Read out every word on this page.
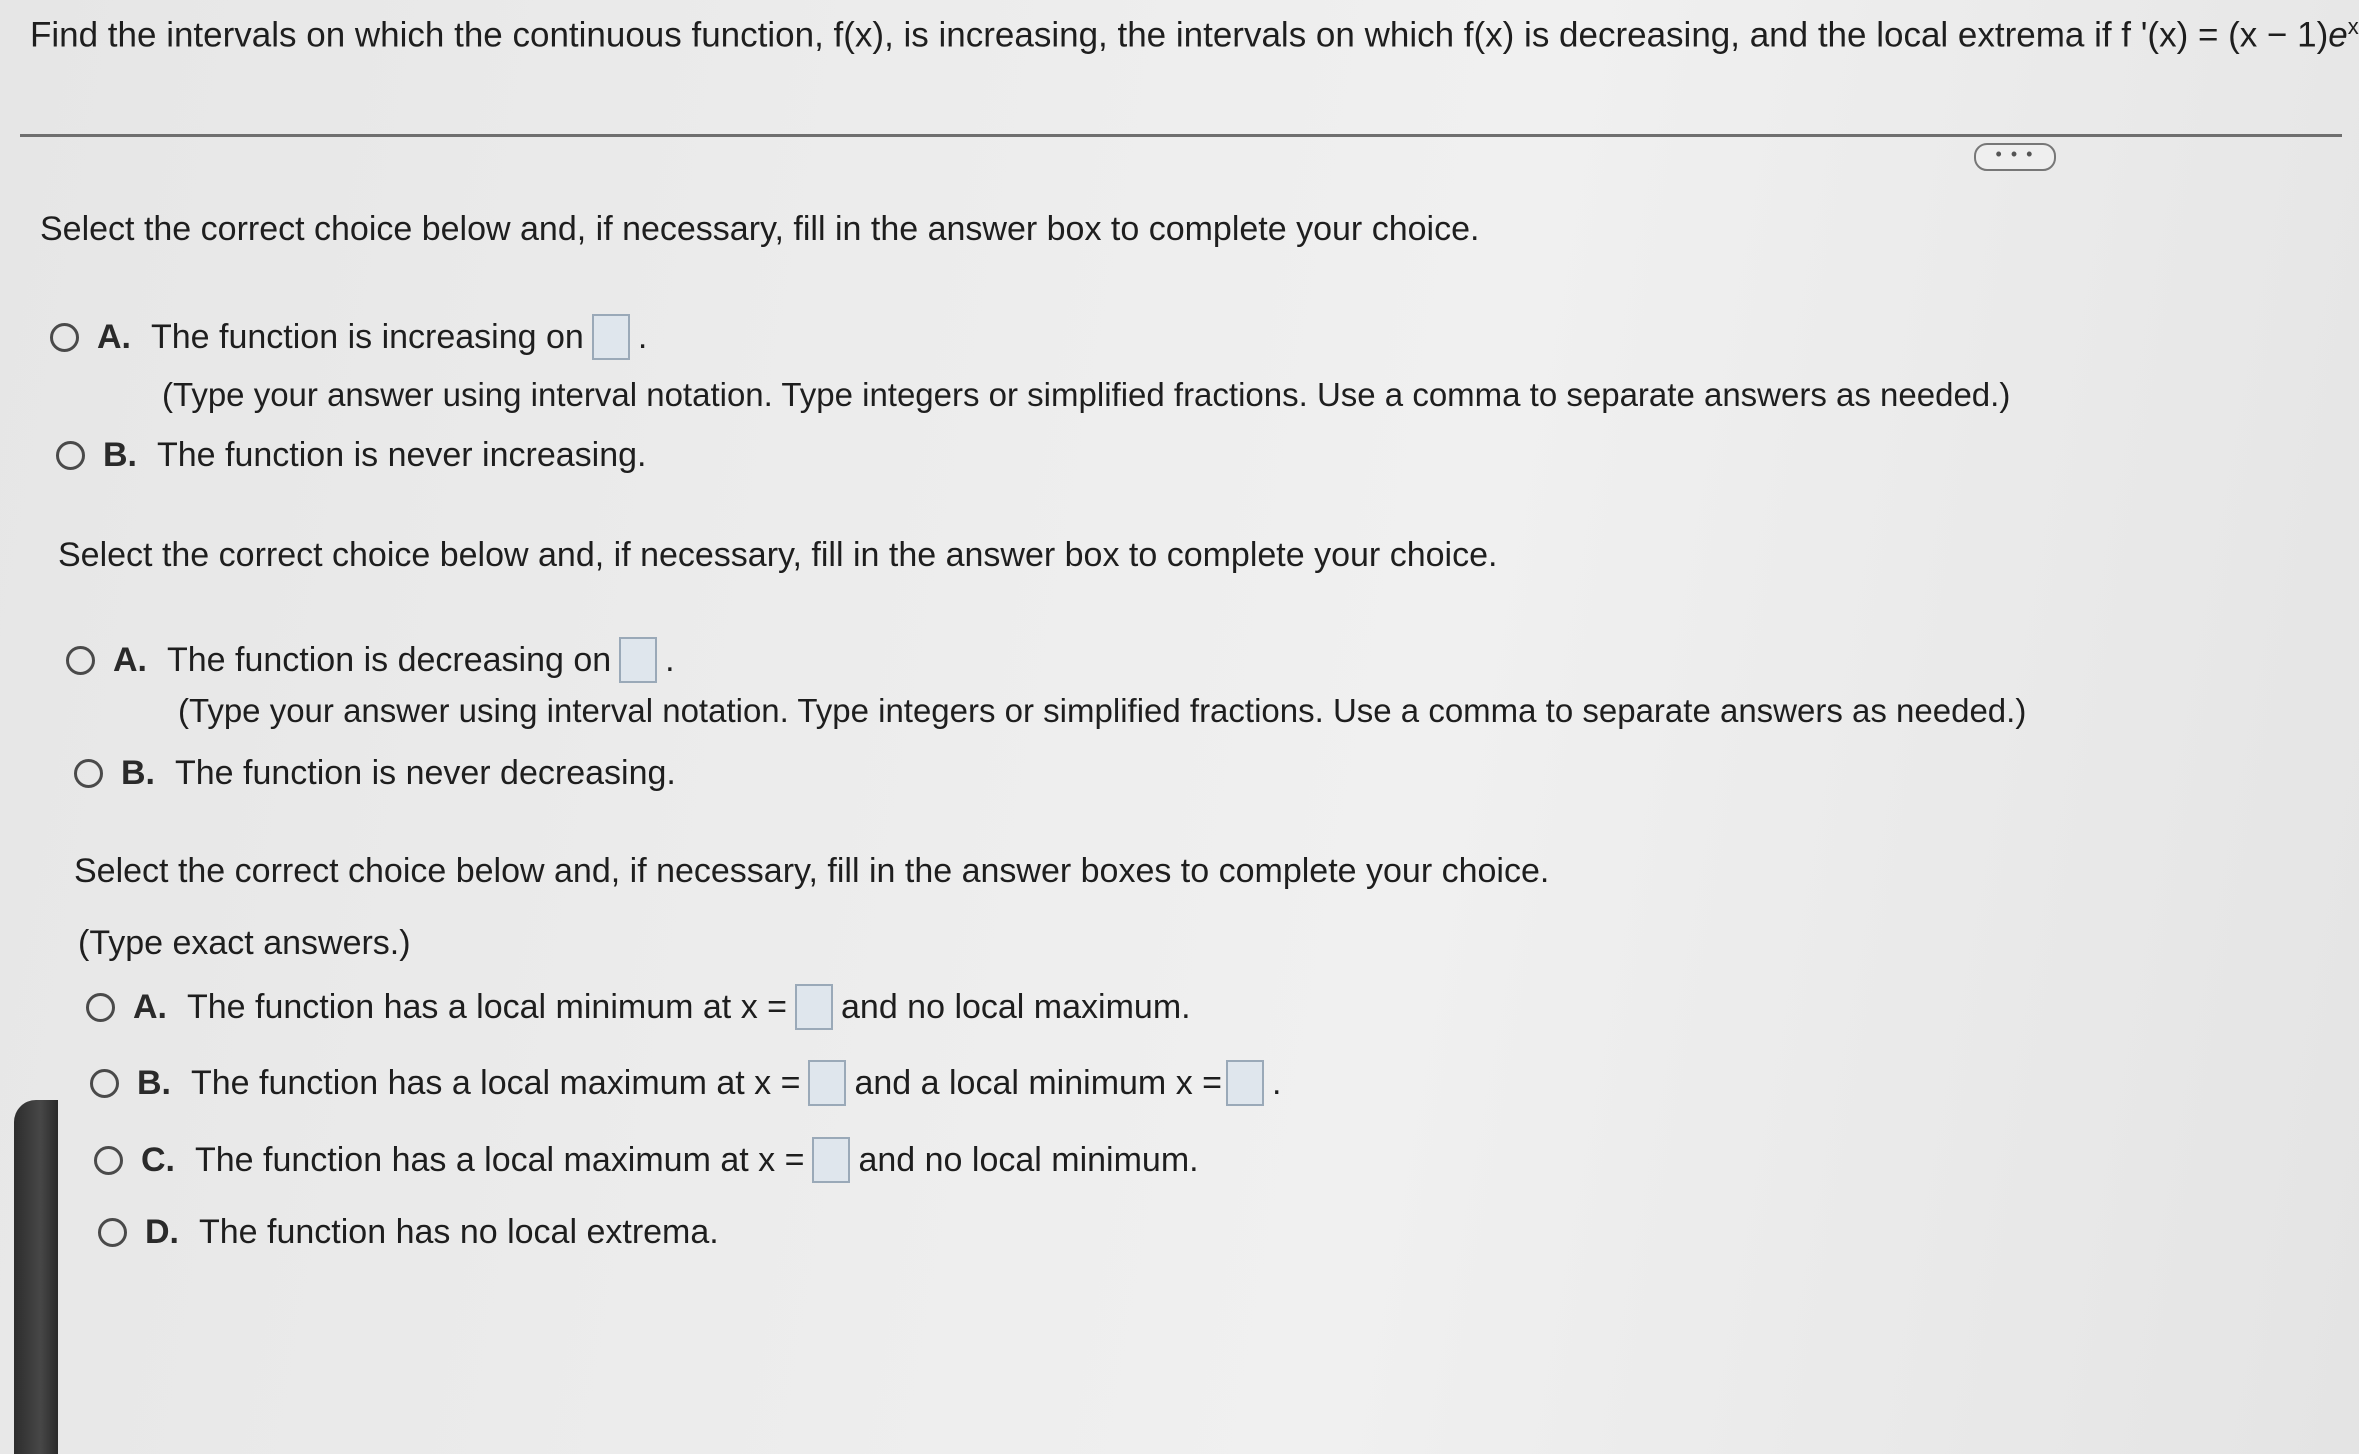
Find the intervals on which the continuous function, f(x), is increasing, the intervals on which f(x) is decreasing, and the local extrema if f '$(x) = (x - 1)e^x$
• • •
Select the correct choice below and, if necessary, fill in the answer box to complete your choice.
A. The function is increasing on .
(Type your answer using interval notation. Type integers or simplified fractions. Use a comma to separate answers as needed.)
B. The function is never increasing.
Select the correct choice below and, if necessary, fill in the answer box to complete your choice.
A. The function is decreasing on .
(Type your answer using interval notation. Type integers or simplified fractions. Use a comma to separate answers as needed.)
B. The function is never decreasing.
Select the correct choice below and, if necessary, fill in the answer boxes to complete your choice.
(Type exact answers.)
A. The function has a local minimum at x = and no local maximum.
B. The function has a local maximum at x = and a local minimum x = .
C. The function has a local maximum at x = and no local minimum.
D. The function has no local extrema.
